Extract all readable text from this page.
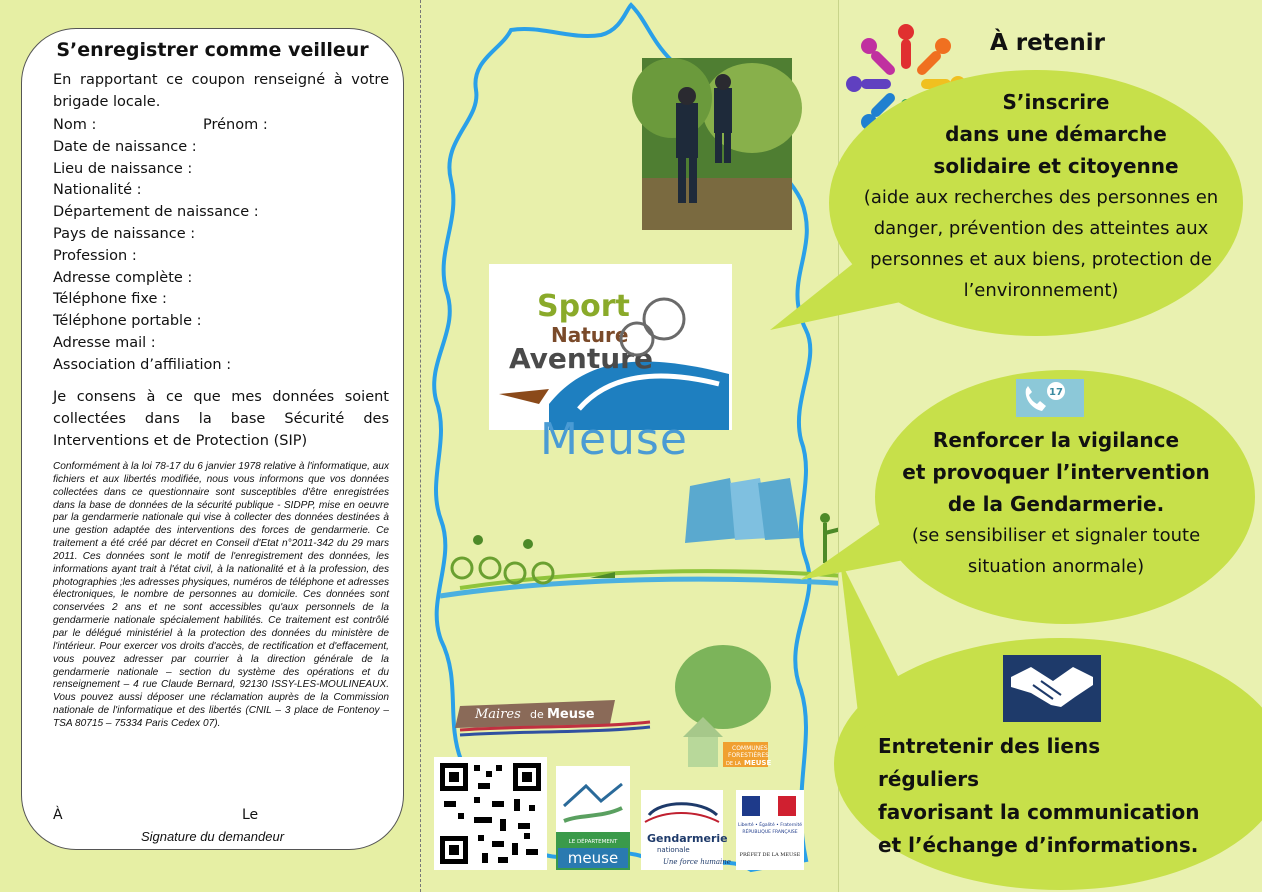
S’enregistrer comme veilleur
En rapportant ce coupon renseigné à votre brigade locale.
Nom :	Prénom :
Date de naissance :
Lieu de naissance :
Nationalité :
Département de naissance :
Pays de naissance :
Profession :
Adresse complète :
Téléphone fixe :
Téléphone portable :
Adresse mail :
Association d’affiliation :
Je consens à ce que mes données soient collectées dans la base Sécurité des Interventions et de Protection (SIP)
Conformément à la loi 78-17 du 6 janvier 1978 relative à l'informatique, aux fichiers et aux libertés modifiée, nous vous informons que vos données collectées dans ce questionnaire sont susceptibles d'être enregistrées dans la base de données de la sécurité publique - SIDPP, mise en oeuvre par la gendarmerie nationale qui vise à collecter des données destinées à une gestion adaptée des interventions des forces de gendarmerie. Ce traitement a été créé par décret en Conseil d'Etat n°2011-342 du 29 mars 2011. Ces données sont le motif de l'enregistrement des données, les informations ayant trait à l'état civil, à la nationalité et à la profession, des photographies ;les adresses physiques, numéros de téléphone et adresses électroniques, le nombre de personnes au domicile. Ces données sont conservées 2 ans et ne sont accessibles qu'aux personnels de la gendarmerie nationale spécialement habilités. Ce traitement est contrôlé par le délégué ministériel à la protection des données du ministère de l'intérieur. Pour exercer vos droits d'accès, de rectification et d'effacement, vous pouvez adresser par courrier à la direction générale de la gendarmerie nationale – section du système des opérations et du renseignement – 4 rue Claude Bernard, 92130 ISSY-LES-MOULINEAUX. Vous pouvez aussi déposer une réclamation auprès de la Commission nationale de l'informatique et des libertés (CNIL – 3 place de Fontenoy – TSA 80715 – 75334 Paris Cedex 07).
À	Le
Signature du demandeur
Sport
Nature
Aventure
Meuse
Maires de Meuse
COMMUNES
FORESTIÈRES
DE LA MEUSE
LE DÉPARTEMENT
meuse
Gendarmerie
nationale
Une force humaine
Liberté • Égalité • Fraternité
RÉPUBLIQUE FRANÇAISE
PRÉFET DE LA MEUSE
À retenir
17
S’inscrire
dans une démarche
solidaire et citoyenne
(aide aux recherches des personnes en danger, prévention des atteintes aux personnes et aux biens, protection de l’environnement)
Renforcer la vigilance
et provoquer l’intervention
de la Gendarmerie.
(se sensibiliser et signaler toute situation anormale)
Entretenir des liens réguliers
favorisant la communication
et l’échange d’informations.
